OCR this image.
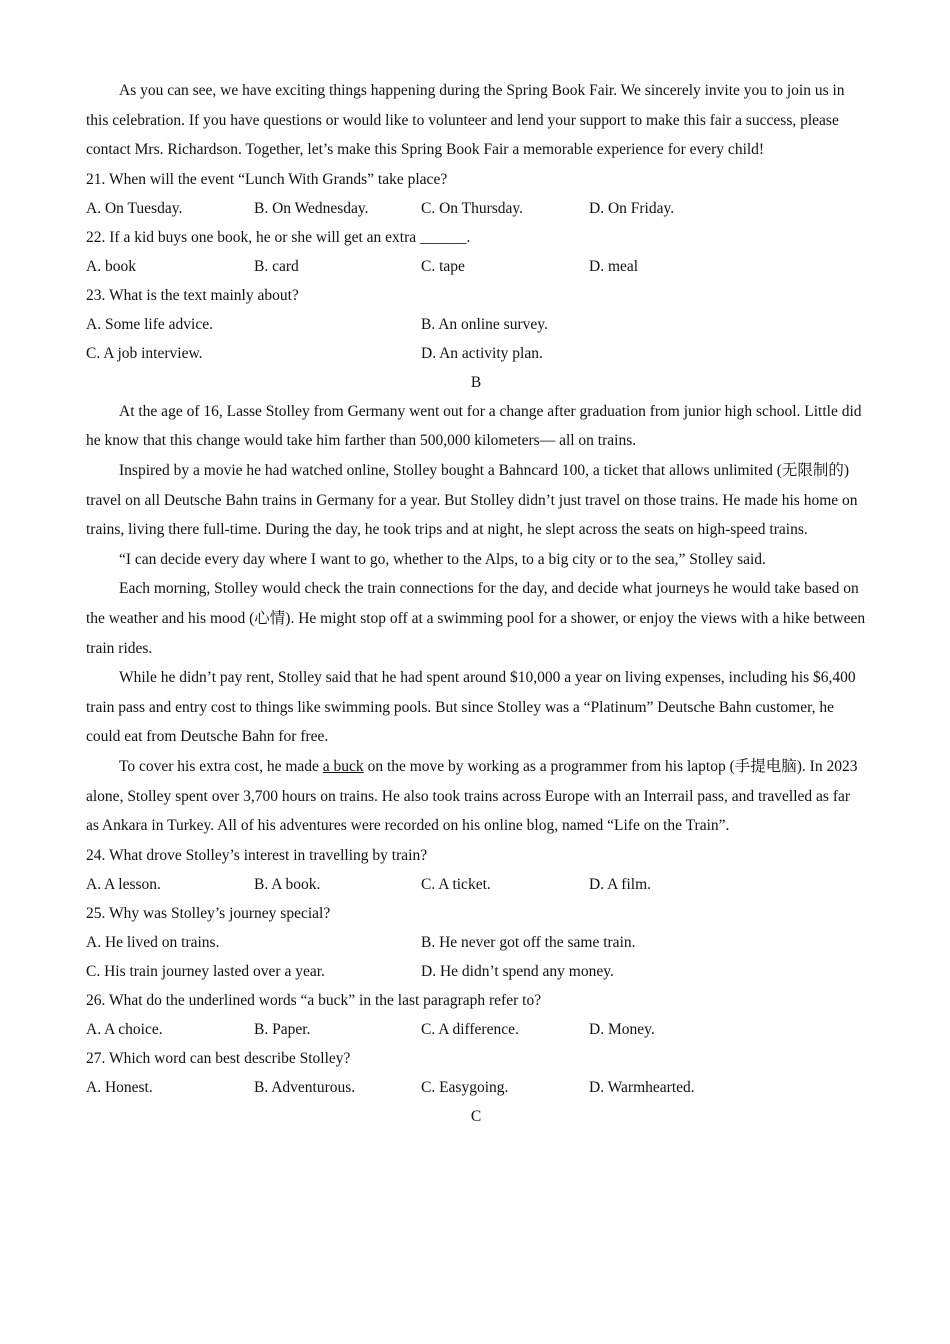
As you can see, we have exciting things happening during the Spring Book Fair. We sincerely invite you to join us in this celebration. If you have questions or would like to volunteer and lend your support to make this fair a success, please contact Mrs. Richardson. Together, let’s make this Spring Book Fair a memorable experience for every child!

21. When will the event “Lunch With Grands” take place?
A. On Tuesday.	B. On Wednesday.	C. On Thursday.	D. On Friday.
22. If a kid buys one book, he or she will get an extra ______.
A. book	B. card	C. tape	D. meal
23. What is the text mainly about?
A. Some life advice.	B. An online survey.
C. A job interview.	D. An activity plan.
B

At the age of 16, Lasse Stolley from Germany went out for a change after graduation from junior high school. Little did he know that this change would take him farther than 500,000 kilometers— all on trains.

Inspired by a movie he had watched online, Stolley bought a Bahncard 100, a ticket that allows unlimited (无限制的) travel on all Deutsche Bahn trains in Germany for a year. But Stolley didn’t just travel on those trains. He made his home on trains, living there full-time. During the day, he took trips and at night, he slept across the seats on high-speed trains.

“I can decide every day where I want to go, whether to the Alps, to a big city or to the sea,” Stolley said.

Each morning, Stolley would check the train connections for the day, and decide what journeys he would take based on the weather and his mood (心情). He might stop off at a swimming pool for a shower, or enjoy the views with a hike between train rides.

While he didn’t pay rent, Stolley said that he had spent around $10,000 a year on living expenses, including his $6,400 train pass and entry cost to things like swimming pools. But since Stolley was a “Platinum” Deutsche Bahn customer, he could eat from Deutsche Bahn for free.

To cover his extra cost, he made a buck on the move by working as a programmer from his laptop (手提电脑). In 2023 alone, Stolley spent over 3,700 hours on trains. He also took trains across Europe with an Interrail pass, and travelled as far as Ankara in Turkey. All of his adventures were recorded on his online blog, named “Life on the Train”.

24. What drove Stolley’s interest in travelling by train?
A. A lesson.	B. A book.	C. A ticket.	D. A film.
25. Why was Stolley’s journey special?
A. He lived on trains.	B. He never got off the same train.
C. His train journey lasted over a year.	D. He didn’t spend any money.
26. What do the underlined words “a buck” in the last paragraph refer to?
A. A choice.	B. Paper.	C. A difference.	D. Money.
27. Which word can best describe Stolley?
A. Honest.	B. Adventurous.	C. Easygoing.	D. Warmhearted.
C
